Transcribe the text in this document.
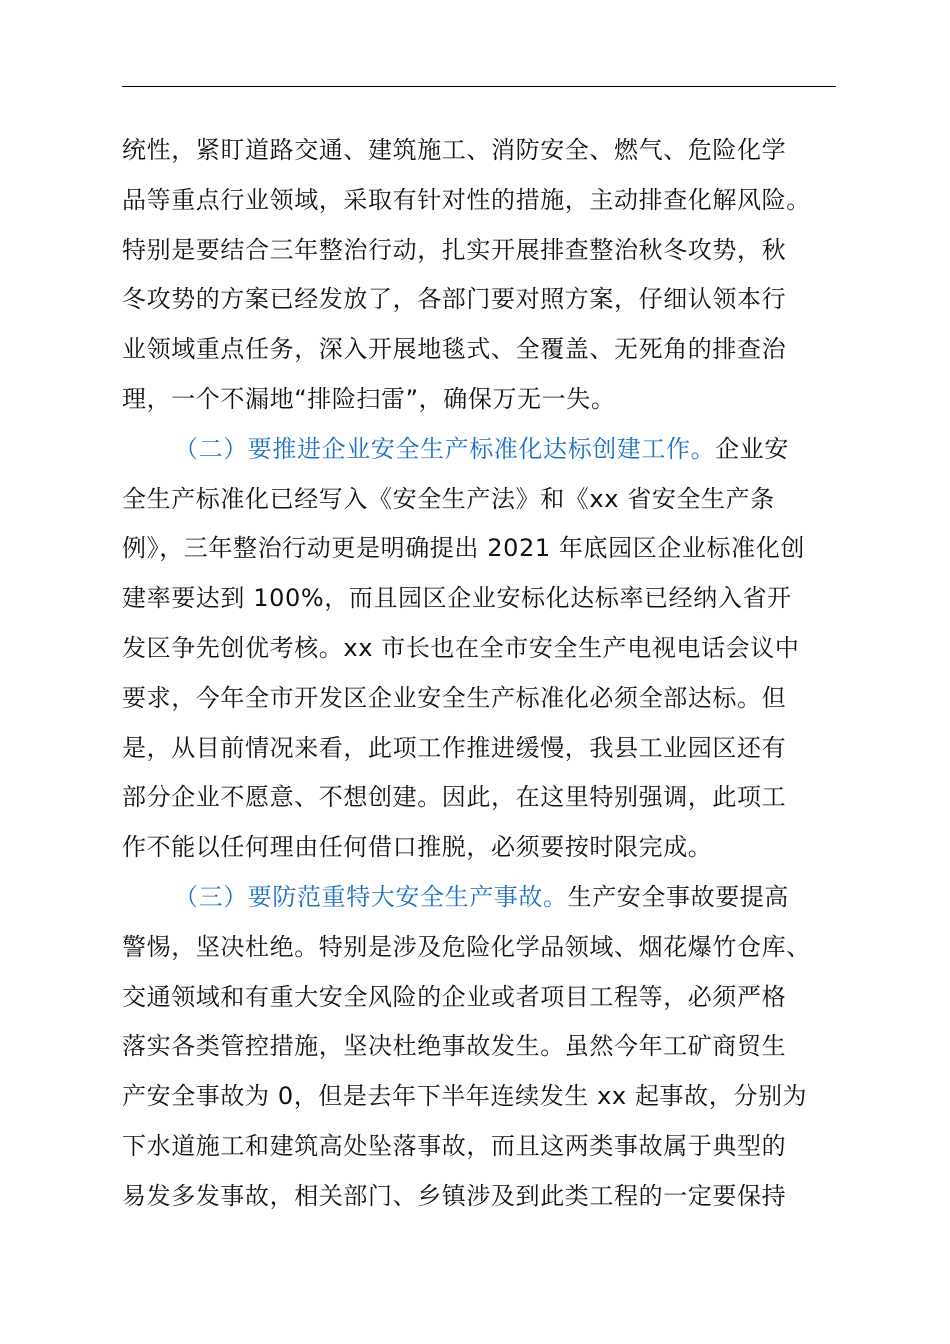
统性，紧盯道路交通、建筑施工、消防安全、燃气、危险化学
品等重点行业领域，采取有针对性的措施，主动排查化解风险。
特别是要结合三年整治行动，扎实开展排查整治秋冬攻势，秋
冬攻势的方案已经发放了，各部门要对照方案，仔细认领本行
业领域重点任务，深入开展地毯式、全覆盖、无死角的排查治
理，一个不漏地“排险扫雷”，确保万无一失。
（二）要推进企业安全生产标准化达标创建工作。企业安
全生产标准化已经写入《安全生产法》和《xx 省安全生产条
例》，三年整治行动更是明确提出 2021 年底园区企业标准化创
建率要达到 100%，而且园区企业安标化达标率已经纳入省开
发区争先创优考核。xx 市长也在全市安全生产电视电话会议中
要求，今年全市开发区企业安全生产标准化必须全部达标。但
是，从目前情况来看，此项工作推进缓慢，我县工业园区还有
部分企业不愿意、不想创建。因此，在这里特别强调，此项工
作不能以任何理由任何借口推脱，必须要按时限完成。
（三）要防范重特大安全生产事故。生产安全事故要提高
警惕，坚决杜绝。特别是涉及危险化学品领域、烟花爆竹仓库、
交通领域和有重大安全风险的企业或者项目工程等，必须严格
落实各类管控措施，坚决杜绝事故发生。虽然今年工矿商贸生
产安全事故为 0，但是去年下半年连续发生 xx 起事故，分别为
下水道施工和建筑高处坠落事故，而且这两类事故属于典型的
易发多发事故，相关部门、乡镇涉及到此类工程的一定要保持
